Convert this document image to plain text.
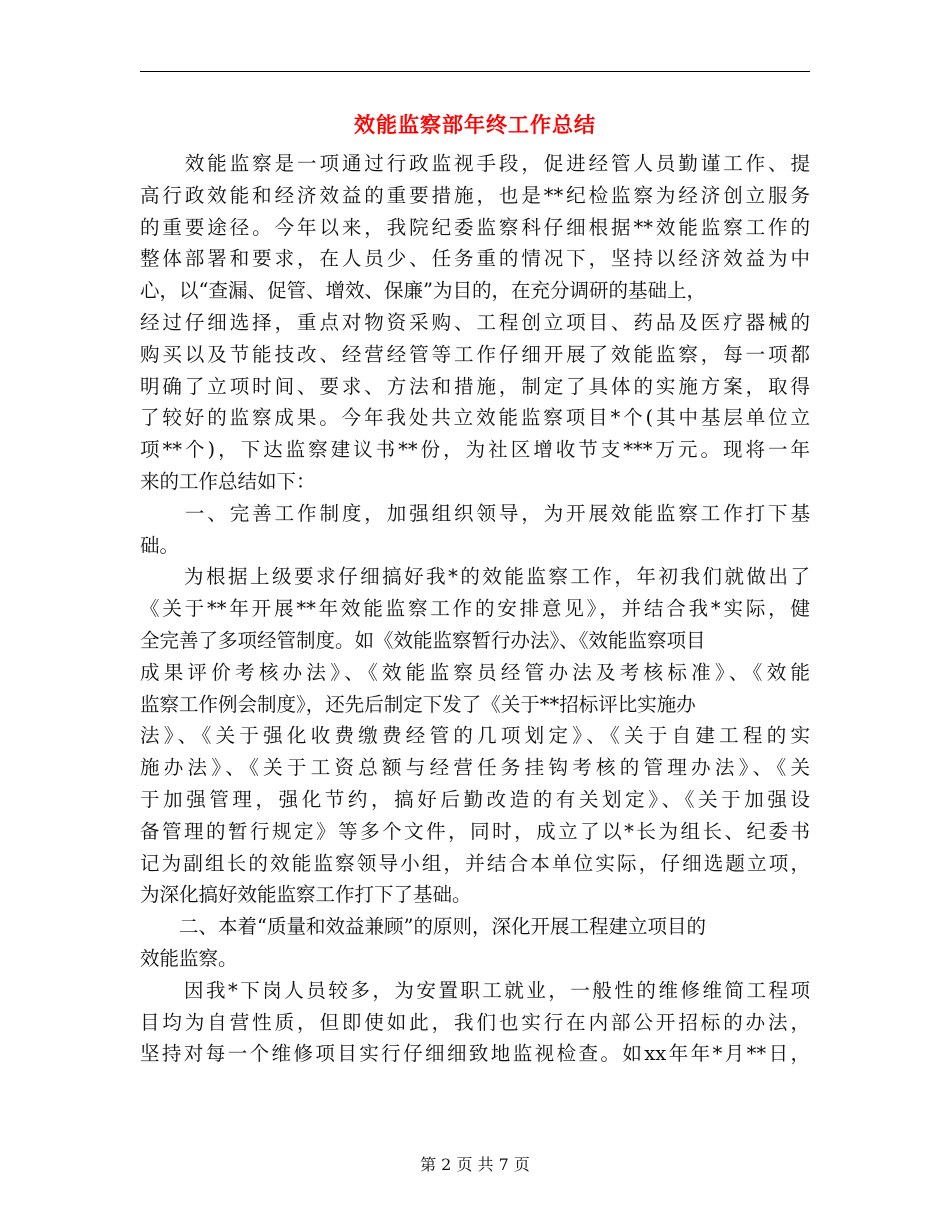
效能监察部年终工作总结
　　效能监察是一项通过行政监视手段，促进经管人员勤谨工作、提
高行政效能和经济效益的重要措施，也是**纪检监察为经济创立服务
的重要途径。今年以来，我院纪委监察科仔细根据**效能监察工作的
整体部署和要求，在人员少、任务重的情况下，坚持以经济效益为中
心，以“查漏、促管、增效、保廉”为目的，在充分调研的基础上，
经过仔细选择，重点对物资采购、工程创立项目、药品及医疗器械的
购买以及节能技改、经营经管等工作仔细开展了效能监察，每一项都
明确了立项时间、要求、方法和措施，制定了具体的实施方案，取得
了较好的监察成果。今年我处共立效能监察项目*个(其中基层单位立
项**个)，下达监察建议书**份，为社区增收节支***万元。现将一年
来的工作总结如下：
　　一、完善工作制度，加强组织领导，为开展效能监察工作打下基
础。
　　为根据上级要求仔细搞好我*的效能监察工作，年初我们就做出了
《关于**年开展**年效能监察工作的安排意见》，并结合我*实际，健
全完善了多项经管制度。如《效能监察暂行办法》、《效能监察项目
成果评价考核办法》、《效能监察员经管办法及考核标准》、《效能
监察工作例会制度》，还先后制定下发了《关于**招标评比实施办
法》、《关于强化收费缴费经管的几项划定》、《关于自建工程的实
施办法》、《关于工资总额与经营任务挂钩考核的管理办法》、《关
于加强管理，强化节约，搞好后勤改造的有关划定》、《关于加强设
备管理的暂行规定》等多个文件，同时，成立了以*长为组长、纪委书
记为副组长的效能监察领导小组，并结合本单位实际，仔细选题立项，
为深化搞好效能监察工作打下了基础。
　　二、本着“质量和效益兼顾”的原则，深化开展工程建立项目的
效能监察。
　　因我*下岗人员较多，为安置职工就业，一般性的维修维简工程项
目均为自营性质，但即使如此，我们也实行在内部公开招标的办法，
坚持对每一个维修项目实行仔细细致地监视检查。如xx年年*月**日，
第 2 页 共 7 页
